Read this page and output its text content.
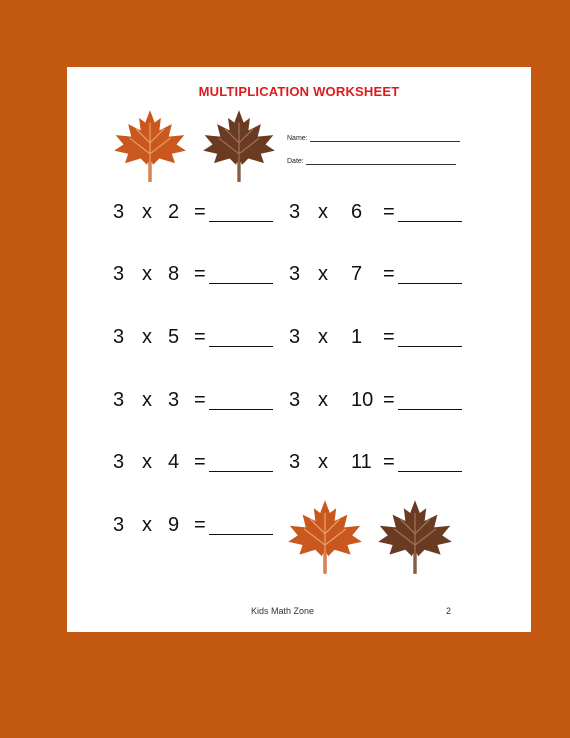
MULTIPLICATION WORKSHEET
Name:
Date:
3 x 2 =
3 x 8 =
3 x 5 =
3 x 3 =
3 x 4 =
3 x 9 =
3 x 6 =
3 x 7 =
3 x 1 =
3 x 10 =
3 x 11 =
Kids Math Zone	2
